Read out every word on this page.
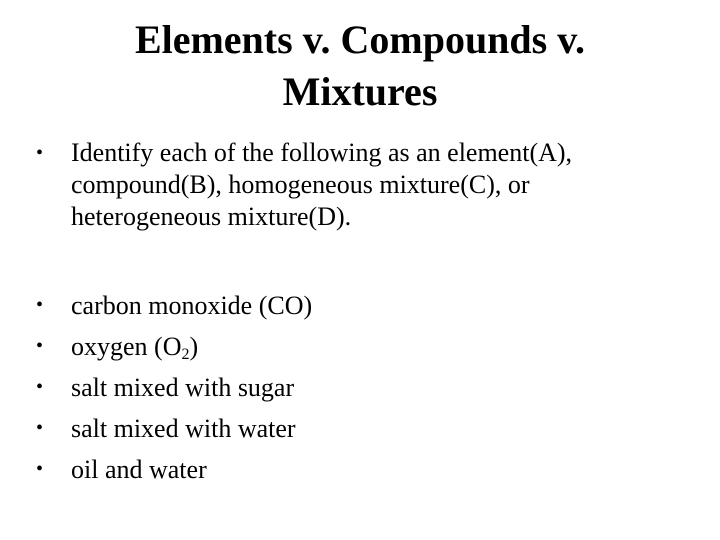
Elements v. Compounds v.
Mixtures
•	Identify each of the following as an element(A), compound(B), homogeneous mixture(C), or heterogeneous mixture(D).
•	carbon monoxide (CO)
•	oxygen $(O_2)$
•	salt mixed with sugar
•	salt mixed with water
•	oil and water
